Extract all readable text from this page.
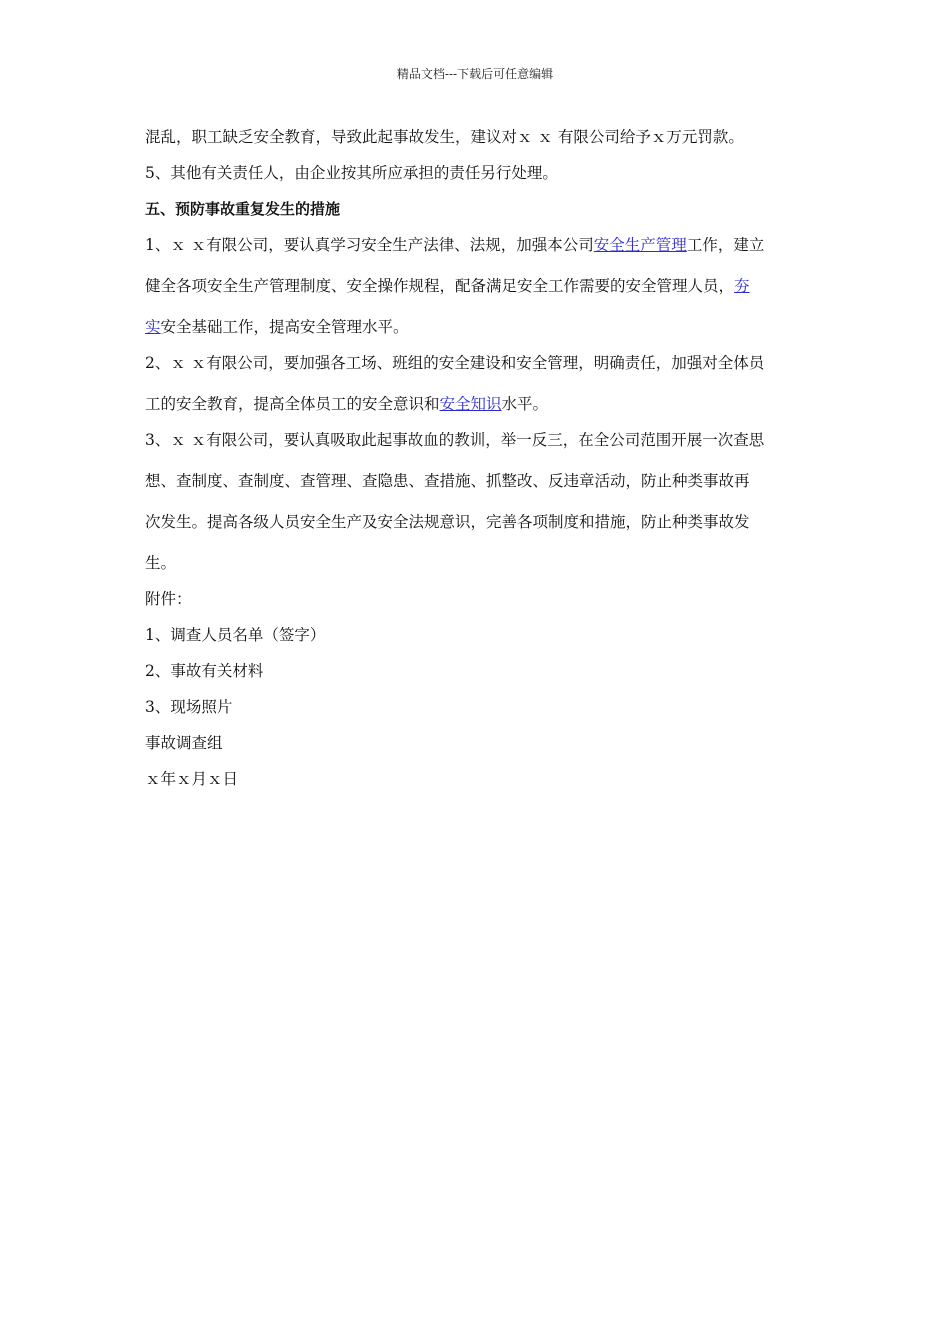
精品文档---下载后可任意编辑
混乱，职工缺乏安全教育，导致此起事故发生，建议对ｘ ｘ 有限公司给予ｘ万元罚款。
5、其他有关责任人，由企业按其所应承担的责任另行处理。
五、预防事故重复发生的措施
1、ｘ ｘ有限公司，要认真学习安全生产法律、法规，加强本公司安全生产管理工作，建立
健全各项安全生产管理制度、安全操作规程，配备满足安全工作需要的安全管理人员，夯
实安全基础工作，提高安全管理水平。
2、ｘ ｘ有限公司，要加强各工场、班组的安全建设和安全管理，明确责任，加强对全体员
工的安全教育，提高全体员工的安全意识和安全知识水平。
3、ｘ ｘ有限公司，要认真吸取此起事故血的教训，举一反三，在全公司范围开展一次查思
想、查制度、查制度、查管理、查隐患、查措施、抓整改、反违章活动，防止种类事故再
次发生。提高各级人员安全生产及安全法规意识，完善各项制度和措施，防止种类事故发
生。
附件：
1、调查人员名单（签字）
2、事故有关材料
3、现场照片
事故调查组
ｘ年ｘ月ｘ日
